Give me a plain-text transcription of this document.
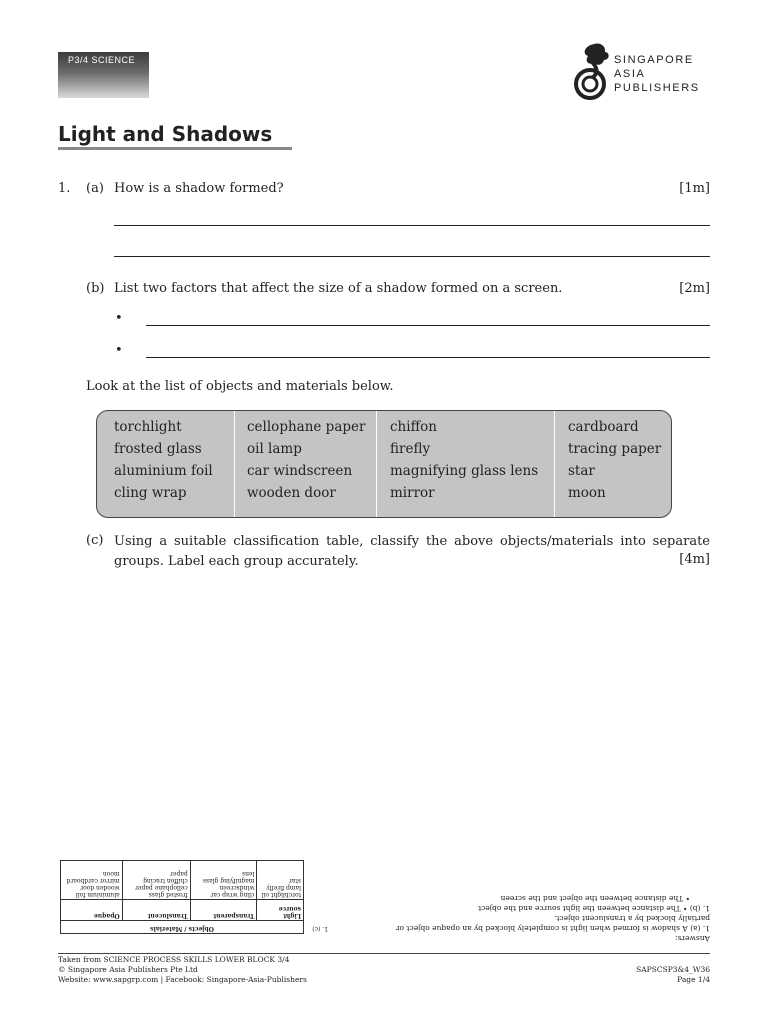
P3/4 SCIENCE	SINGAPORE
ASIA
PUBLISHERS
Light and Shadows
1. (a) How is a shadow formed?	[1m]
(b) List two factors that affect the size of a shadow formed on a screen.	[2m]
•
•
Look at the list of objects and materials below.
torchlight
frosted glass
aluminium foil
cling wrap
cellophane paper
oil lamp
car windscreen
wooden door
chiffon
firefly
magnifying glass lens
mirror
cardboard
tracing paper
star
moon
(c) Using a suitable classification table, classify the above objects/materials into separate groups. Label each group accurately.	[4m]
1. (c)	Objects / Materials			
	Light source	Transparent	Translucent	Opaque
	torchlight oil lamp firefly star	cling wrap car windscreen magnifying glass lens	frosted glass cellophane paper chiffon tracing paper	aluminium foil wooden door mirror cardboard moon
Answers:
1. (a) A shadow is formed when light is completely blocked by an opaque object or partially blocked by a translucent object.
1. (b) • The distance between the light source and the object
• The distance between the object and the screen
Taken from SCIENCE PROCESS SKILLS LOWER BLOCK 3/4
© Singapore Asia Publishers Pte Ltd
Website: www.sapgrp.com | Facebook: Singapore-Asia-Publishers
SAPSCSP3&4_W36
Page 1/4
